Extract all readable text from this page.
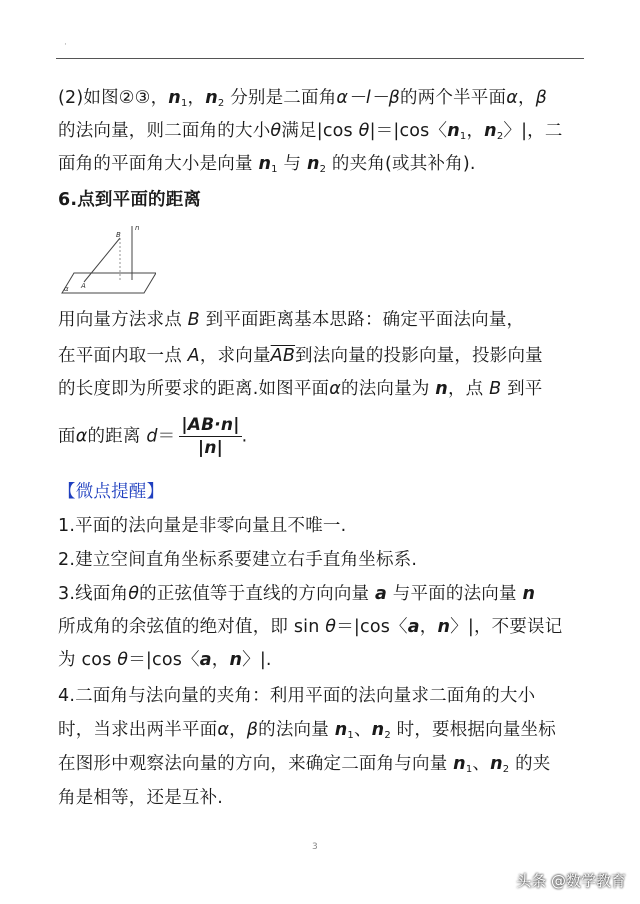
·
(2)如图②③，$n_1$，$n_2$ 分别是二面角α－l－β的两个半平面α，β
的法向量，则二面角的大小θ满足|cos θ|＝|cos〈$n_1$，$n_2$〉|，二
面角的平面角大小是向量 $n_1$ 与 $n_2$ 的夹角(或其补角).
6.点到平面的距离
n
B
A
α
用向量方法求点 B 到平面距离基本思路：确定平面法向量，
在平面内取一点 A，求向量$\overline{AB}$到法向量的投影向量，投影向量
的长度即为所要求的距离.如图平面α的法向量为 n，点 B 到平
面α的距离 $d= \frac{|AB\cdot n|}{|n|}$ .
【微点提醒】
1.平面的法向量是非零向量且不唯一.
2.建立空间直角坐标系要建立右手直角坐标系.
3.线面角θ的正弦值等于直线的方向向量 a 与平面的法向量 n
所成角的余弦值的绝对值，即 sin θ＝|cos〈a，n〉|，不要误记
为 cos θ＝|cos〈a，n〉|.
4.二面角与法向量的夹角：利用平面的法向量求二面角的大小
时，当求出两半平面α，β的法向量 $n_1$、$n_2$ 时，要根据向量坐标
在图形中观察法向量的方向，来确定二面角与向量 $n_1$、$n_2$ 的夹
角是相等，还是互补.
3
头条 @数学教育
